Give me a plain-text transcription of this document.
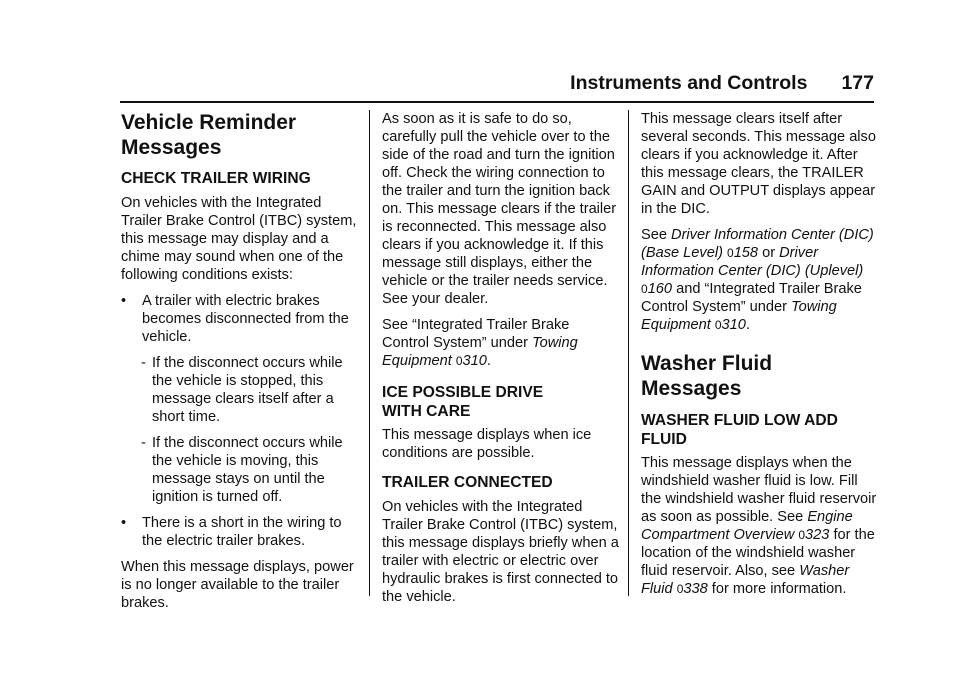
Instruments and Controls 177
Vehicle Reminder
Messages
CHECK TRAILER WIRING

On vehicles with the Integrated Trailer Brake Control (ITBC) system, this message may display and a chime may sound when one of the following conditions exists:

• A trailer with electric brakes becomes disconnected from the vehicle.
- If the disconnect occurs while the vehicle is stopped, this message clears itself after a short time.
- If the disconnect occurs while the vehicle is moving, this message stays on until the ignition is turned off.
• There is a short in the wiring to the electric trailer brakes.

When this message displays, power is no longer available to the trailer brakes.

As soon as it is safe to do so, carefully pull the vehicle over to the side of the road and turn the ignition off. Check the wiring connection to the trailer and turn the ignition back on. This message clears if the trailer is reconnected. This message also clears if you acknowledge it. If this message still displays, either the vehicle or the trailer needs service. See your dealer.

See “Integrated Trailer Brake Control System” under Towing Equipment 0310.

ICE POSSIBLE DRIVE
WITH CARE

This message displays when ice conditions are possible.

TRAILER CONNECTED

On vehicles with the Integrated Trailer Brake Control (ITBC) system, this message displays briefly when a trailer with electric or electric over hydraulic brakes is first connected to the vehicle.

This message clears itself after several seconds. This message also clears if you acknowledge it. After this message clears, the TRAILER GAIN and OUTPUT displays appear in the DIC.

See Driver Information Center (DIC) (Base Level) 0158 or Driver Information Center (DIC) (Uplevel) 0160 and “Integrated Trailer Brake Control System” under Towing Equipment 0310.

Washer Fluid Messages
WASHER FLUID LOW ADD
FLUID

This message displays when the windshield washer fluid is low. Fill the windshield washer fluid reservoir as soon as possible. See Engine Compartment Overview 0323 for the location of the windshield washer fluid reservoir. Also, see Washer Fluid 0338 for more information.
